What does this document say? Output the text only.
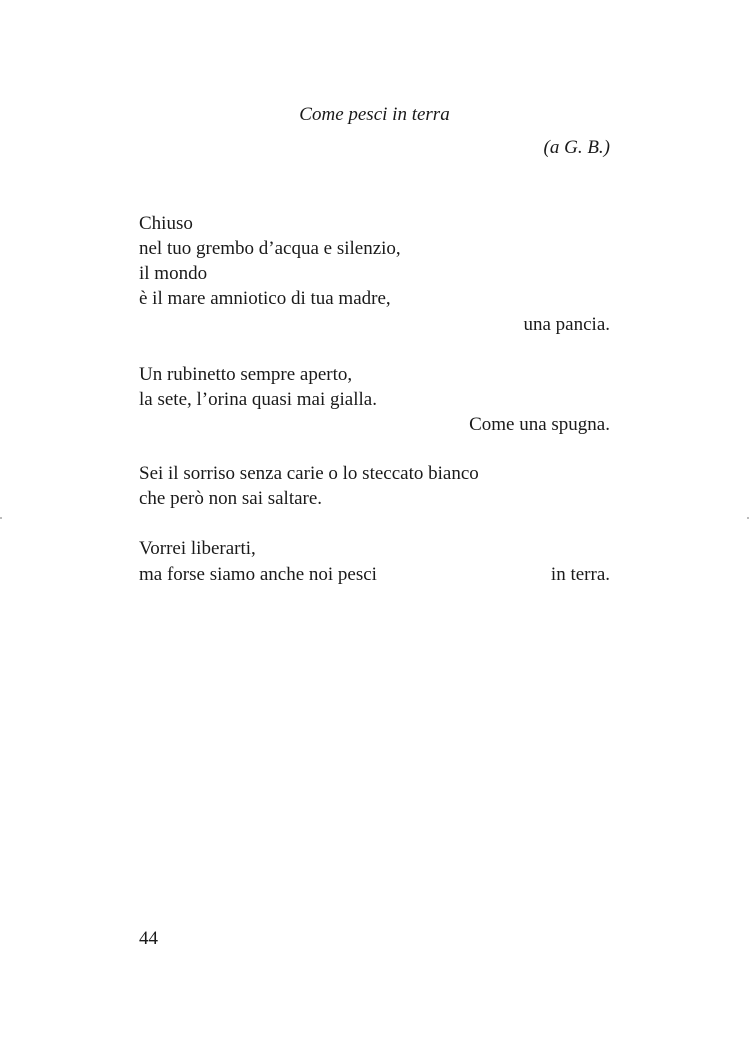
Come pesci in terra
(a G. B.)
Chiuso
nel tuo grembo d’acqua e silenzio,
il mondo
è il mare amniotico di tua madre,
una pancia.
Un rubinetto sempre aperto,
la sete, l’orina quasi mai gialla.
Come una spugna.
Sei il sorriso senza carie o lo steccato bianco
che però non sai saltare.
Vorrei liberarti,
ma forse siamo anche noi pesci	in terra.
44
